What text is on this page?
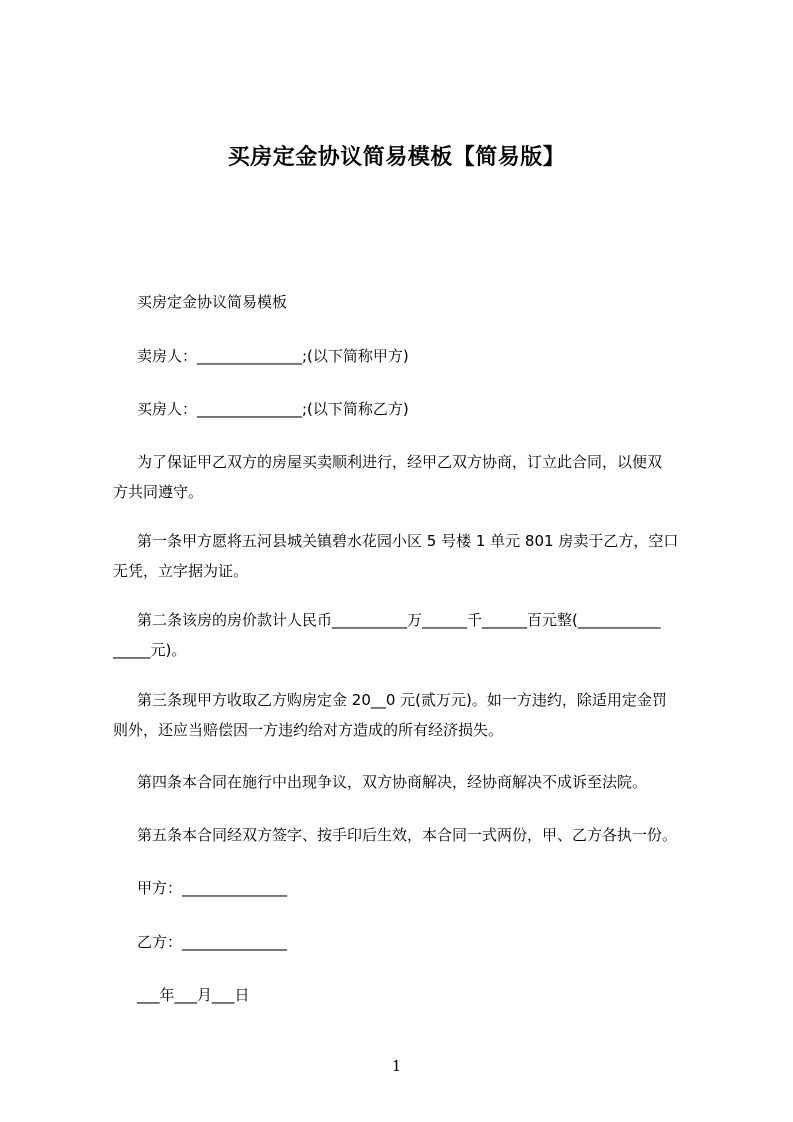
买房定金协议简易模板【简易版】

买房定金协议简易模板

卖房人：______________;(以下简称甲方)

买房人：______________;(以下简称乙方)

为了保证甲乙双方的房屋买卖顺利进行，经甲乙双方协商，订立此合同，以便双
方共同遵守。
第一条甲方愿将五河县城关镇碧水花园小区 5 号楼 1 单元 801 房卖于乙方，空口
无凭，立字据为证。
第二条该房的房价款计人民币__________万______千______百元整(___________
_____元)。
第三条现甲方收取乙方购房定金 20__0 元(贰万元)。如一方违约，除适用定金罚
则外，还应当赔偿因一方违约给对方造成的所有经济损失。

第四条本合同在施行中出现争议，双方协商解决，经协商解决不成诉至法院。

第五条本合同经双方签字、按手印后生效，本合同一式两份，甲、乙方各执一份。

甲方：______________

乙方：______________

___年___月___日

1
